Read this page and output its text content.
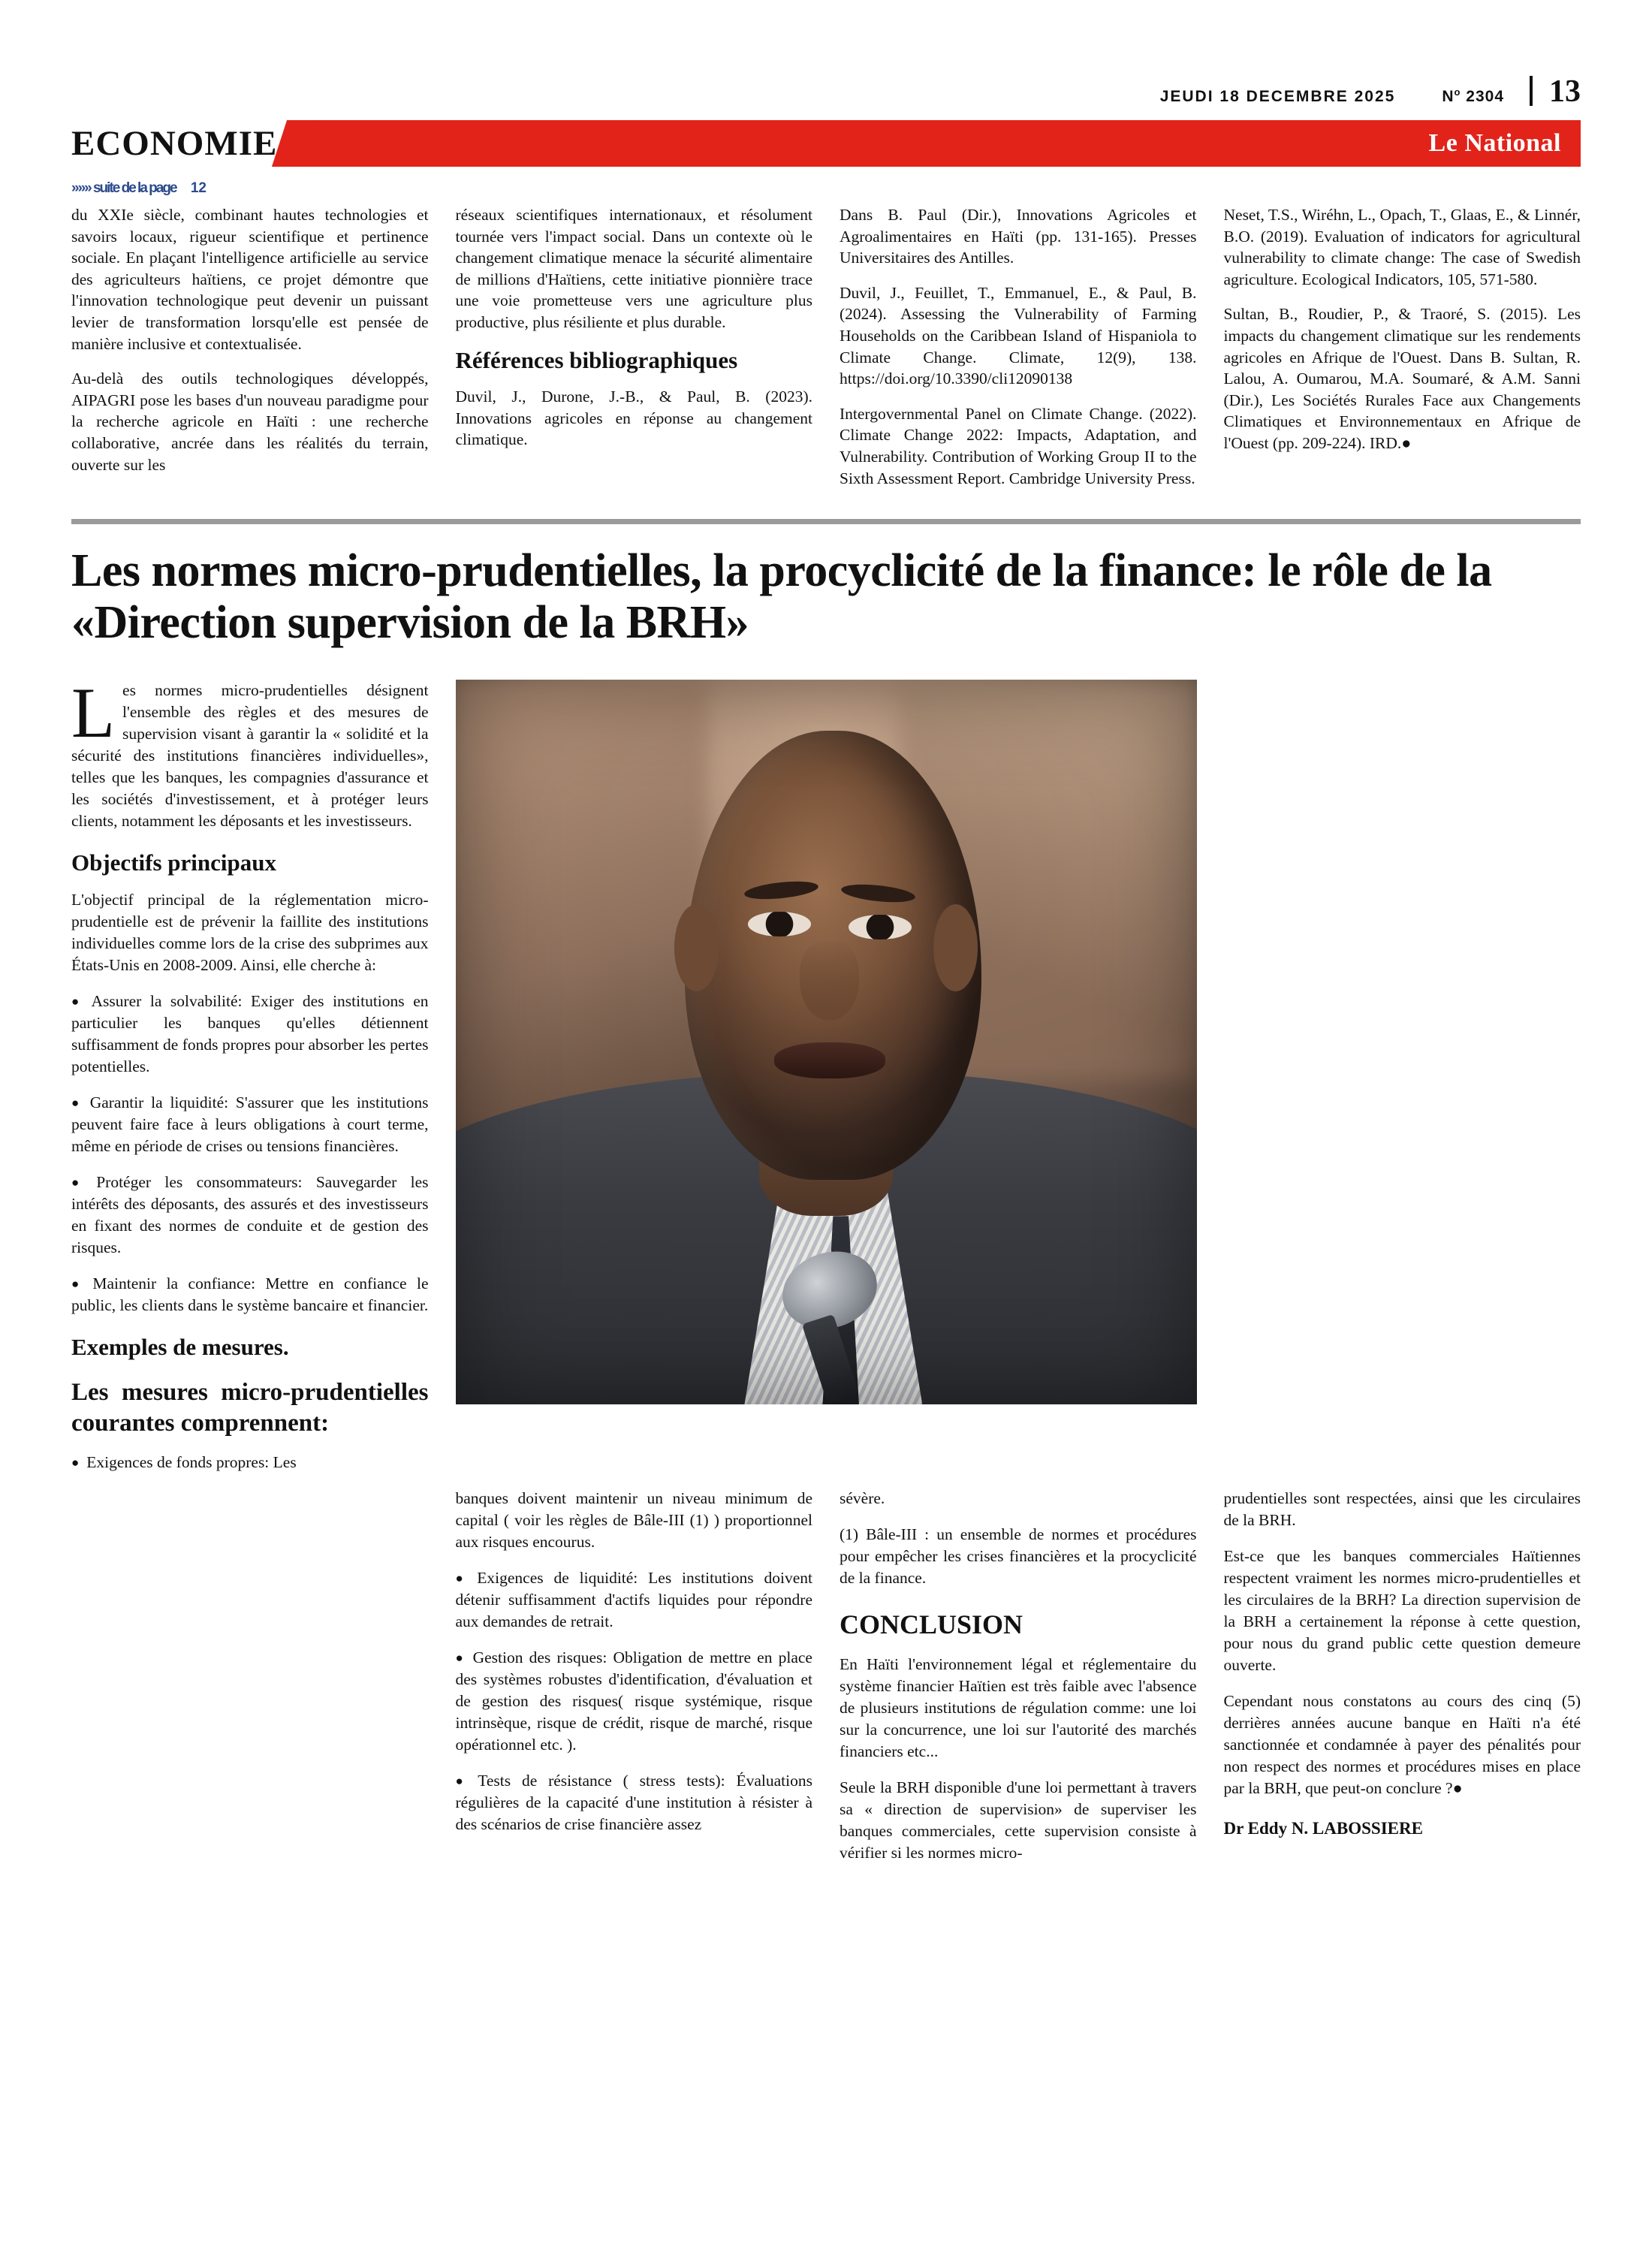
JEUDI 18 DECEMBRE 2025	$N^o$ 2304 13
ECONOMIE	Le National
»»» suite de la page 12

du XXIe siècle, combinant hautes technologies et savoirs locaux, rigueur scientifique et pertinence sociale. En plaçant l'intelligence artificielle au service des agriculteurs haïtiens, ce projet démontre que l'innovation technologique peut devenir un puissant levier de transformation lorsqu'elle est pensée de manière inclusive et contextualisée.

Au-delà des outils technologiques développés, AIPAGRI pose les bases d'un nouveau paradigme pour la recherche agricole en Haïti : une recherche collaborative, ancrée dans les réalités du terrain, ouverte sur les

réseaux scientifiques internationaux, et résolument tournée vers l'impact social. Dans un contexte où le changement climatique menace la sécurité alimentaire de millions d'Haïtiens, cette initiative pionnière trace une voie prometteuse vers une agriculture plus productive, plus résiliente et plus durable.

Références bibliographiques

Duvil, J., Durone, J.-B., & Paul, B. (2023). Innovations agricoles en réponse au changement climatique.

Dans B. Paul (Dir.), Innovations Agricoles et Agroalimentaires en Haïti (pp. 131-165). Presses Universitaires des Antilles.

Duvil, J., Feuillet, T., Emmanuel, E., & Paul, B. (2024). Assessing the Vulnerability of Farming Households on the Caribbean Island of Hispaniola to Climate Change. Climate, 12(9), 138. https://doi.org/10.3390/cli12090138

Intergovernmental Panel on Climate Change. (2022). Climate Change 2022: Impacts, Adaptation, and Vulnerability. Contribution of Working Group II to the Sixth Assessment Report. Cambridge University Press.

Neset, T.S., Wiréhn, L., Opach, T., Glaas, E., & Linnér, B.O. (2019). Evaluation of indicators for agricultural vulnerability to climate change: The case of Swedish agriculture. Ecological Indicators, 105, 571-580.

Sultan, B., Roudier, P., & Traoré, S. (2015). Les impacts du changement climatique sur les rendements agricoles en Afrique de l'Ouest. Dans B. Sultan, R. Lalou, A. Oumarou, M.A. Soumaré, & A.M. Sanni (Dir.), Les Sociétés Rurales Face aux Changements Climatiques et Environnementaux en Afrique de l'Ouest (pp. 209-224). IRD.●

Les normes micro-prudentielles, la procyclicité de la finance: le rôle de la «Direction supervision de la BRH»

Les normes micro-prudentielles désignent l'ensemble des règles et des mesures de supervision visant à garantir la « solidité et la sécurité des institutions financières individuelles», telles que les banques, les compagnies d'assurance et les sociétés d'investissement, et à protéger leurs clients, notamment les déposants et les investisseurs.

Objectifs principaux

L'objectif principal de la réglementation micro-prudentielle est de prévenir la faillite des institutions individuelles comme lors de la crise des subprimes aux États-Unis en 2008-2009. Ainsi, elle cherche à:

● Assurer la solvabilité: Exiger des institutions en particulier les banques qu'elles détiennent suffisamment de fonds propres pour absorber les pertes potentielles.

● Garantir la liquidité: S'assurer que les institutions peuvent faire face à leurs obligations à court terme, même en période de crises ou tensions financières.

● Protéger les consommateurs: Sauvegarder les intérêts des déposants, des assurés et des investisseurs en fixant des normes de conduite et de gestion des risques.

● Maintenir la confiance: Mettre en confiance le public, les clients dans le système bancaire et financier.

Exemples de mesures.
Les mesures micro-prudentielles courantes comprennent:

● Exigences de fonds propres: Les

banques doivent maintenir un niveau minimum de capital ( voir les règles de Bâle-III (1) ) proportionnel aux risques encourus.

● Exigences de liquidité: Les institutions doivent détenir suffisamment d'actifs liquides pour répondre aux demandes de retrait.

● Gestion des risques: Obligation de mettre en place des systèmes robustes d'identification, d'évaluation et de gestion des risques( risque systémique, risque intrinsèque, risque de crédit, risque de marché, risque opérationnel etc. ).

● Tests de résistance ( stress tests): Évaluations régulières de la capacité d'une institution à résister à des scénarios de crise financière assez

sévère.

(1) Bâle-III : un ensemble de normes et procédures pour empêcher les crises financières et la procyclicité de la finance.

CONCLUSION

En Haïti l'environnement légal et réglementaire du système financier Haïtien est très faible avec l'absence de plusieurs institutions de régulation comme: une loi sur la concurrence, une loi sur l'autorité des marchés financiers etc...

Seule la BRH disponible d'une loi permettant à travers sa « direction de supervision» de superviser les banques commerciales, cette supervision consiste à vérifier si les normes micro-

prudentielles sont respectées, ainsi que les circulaires de la BRH.

Est-ce que les banques commerciales Haïtiennes respectent vraiment les normes micro-prudentielles et les circulaires de la BRH? La direction supervision de la BRH a certainement la réponse à cette question, pour nous du grand public cette question demeure ouverte.

Cependant nous constatons au cours des cinq (5) derrières années aucune banque en Haïti n'a été sanctionnée et condamnée à payer des pénalités pour non respect des normes et procédures mises en place par la BRH, que peut-on conclure ?●

Dr Eddy N. LABOSSIERE
